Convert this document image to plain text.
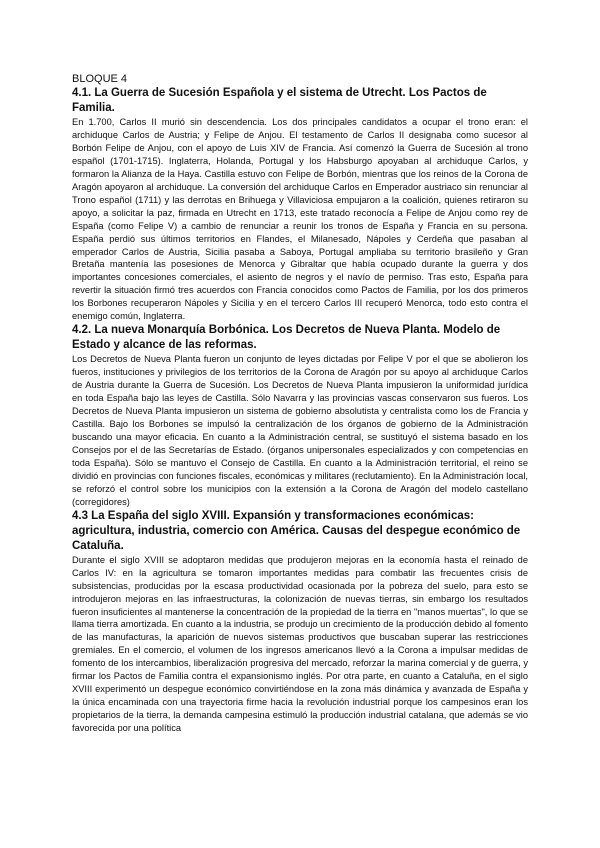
BLOQUE 4
4.1. La Guerra de Sucesión Española y el sistema de Utrecht. Los Pactos de Familia.

En 1.700, Carlos II murió sin descendencia. Los dos principales candidatos a ocupar el trono eran: el archiduque Carlos de Austria; y Felipe de Anjou. El testamento de Carlos II designaba como sucesor al Borbón Felipe de Anjou, con el apoyo de Luis XIV de Francia. Así comenzó la Guerra de Sucesión al trono español (1701-1715). Inglaterra, Holanda, Portugal y los Habsburgo apoyaban al archiduque Carlos, y formaron la Alianza de la Haya. Castilla estuvo con Felipe de Borbón, mientras que los reinos de la Corona de Aragón apoyaron al archiduque. La conversión del archiduque Carlos en Emperador austriaco sin renunciar al Trono español (1711) y las derrotas en Brihuega y Villaviciosa empujaron a la coalición, quienes retiraron su apoyo, a solicitar la paz, firmada en Utrecht en 1713, este tratado reconocía a Felipe de Anjou como rey de España (como Felipe V) a cambio de renunciar a reunir los tronos de España y Francia en su persona. España perdió sus últimos territorios en Flandes, el Milanesado, Nápoles y Cerdeña que pasaban al emperador Carlos de Austria, Sicilia pasaba a Saboya, Portugal ampliaba su territorio brasileño y Gran Bretaña mantenía las posesiones de Menorca y Gibraltar que había ocupado durante la guerra y dos importantes concesiones comerciales, el asiento de negros y el navío de permiso. Tras esto, España para revertir la situación firmó tres acuerdos con Francia conocidos como Pactos de Familia, por los dos primeros los Borbones recuperaron Nápoles y Sicilia y en el tercero Carlos III recuperó Menorca, todo esto contra el enemigo común, Inglaterra.

4.2. La nueva Monarquía Borbónica. Los Decretos de Nueva Planta. Modelo de Estado y alcance de las reformas.

Los Decretos de Nueva Planta fueron un conjunto de leyes dictadas por Felipe V por el que se abolieron los fueros, instituciones y privilegios de los territorios de la Corona de Aragón por su apoyo al archiduque Carlos de Austria durante la Guerra de Sucesión. Los Decretos de Nueva Planta impusieron la uniformidad jurídica en toda España bajo las leyes de Castilla. Sólo Navarra y las provincias vascas conservaron sus fueros. Los Decretos de Nueva Planta impusieron un sistema de gobierno absolutista y centralista como los de Francia y Castilla. Bajo los Borbones se impulsó la centralización de los órganos de gobierno de la Administración buscando una mayor eficacia. En cuanto a la Administración central, se sustituyó el sistema basado en los Consejos por el de las Secretarías de Estado. (órganos unipersonales especializados y con competencias en toda España). Sólo se mantuvo el Consejo de Castilla. En cuanto a la Administración territorial, el reino se dividió en provincias con funciones fiscales, económicas y militares (reclutamiento). En la Administración local, se reforzó el control sobre los municipios con la extensión a la Corona de Aragón del modelo castellano (corregidores)

4.3 La España del siglo XVIII. Expansión y transformaciones económicas: agricultura, industria, comercio con América. Causas del despegue económico de Cataluña.

Durante el siglo XVIII se adoptaron medidas que produjeron mejoras en la economía hasta el reinado de Carlos IV: en la agricultura se tomaron importantes medidas para combatir las frecuentes crisis de subsistencias, producidas por la escasa productividad ocasionada por la pobreza del suelo, para esto se introdujeron mejoras en las infraestructuras, la colonización de nuevas tierras, sin embargo los resultados fueron insuficientes al mantenerse la concentración de la propiedad de la tierra en "manos muertas", lo que se llama tierra amortizada. En cuanto a la industria, se produjo un crecimiento de la producción debido al fomento de las manufacturas, la aparición de nuevos sistemas productivos que buscaban superar las restricciones gremiales. En el comercio, el volumen de los ingresos americanos llevó a la Corona a impulsar medidas de fomento de los intercambios, liberalización progresiva del mercado, reforzar la marina comercial y de guerra, y firmar los Pactos de Familia contra el expansionismo inglés. Por otra parte, en cuanto a Cataluña, en el siglo XVIII experimentó un despegue económico convirtiéndose en la zona más dinámica y avanzada de España y la única encaminada con una trayectoria firme hacia la revolución industrial porque los campesinos eran los propietarios de la tierra, la demanda campesina estimuló la producción industrial catalana, que además se vio favorecida por una política
